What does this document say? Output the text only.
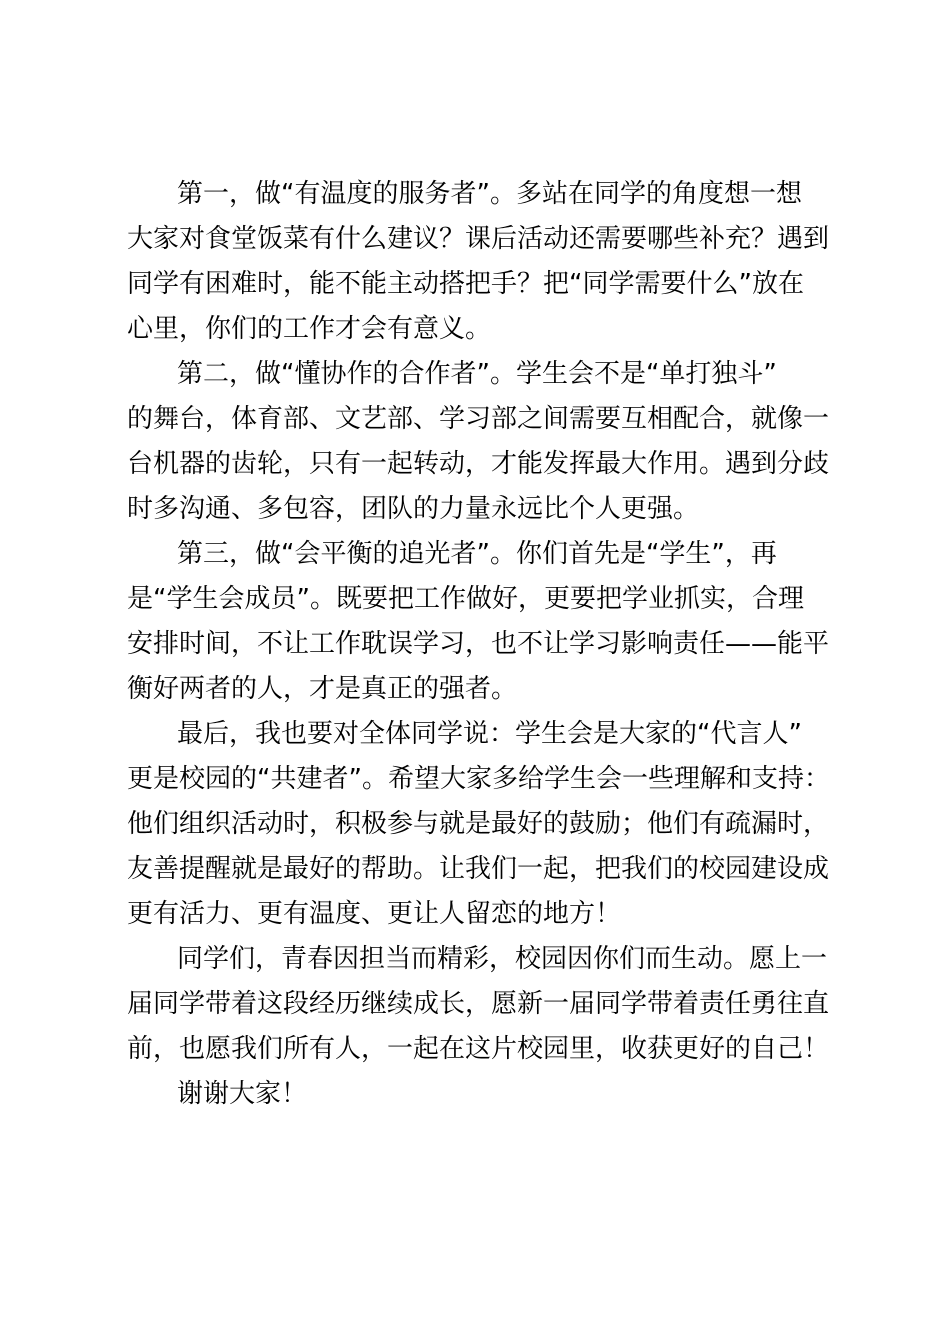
第一，做“有温度的服务者”。多站在同学的角度想一想
大家对食堂饭菜有什么建议？课后活动还需要哪些补充？遇到
同学有困难时，能不能主动搭把手？把“同学需要什么”放在
心里，你们的工作才会有意义。
第二，做“懂协作的合作者”。学生会不是“单打独斗”
的舞台，体育部、文艺部、学习部之间需要互相配合，就像一
台机器的齿轮，只有一起转动，才能发挥最大作用。遇到分歧
时多沟通、多包容，团队的力量永远比个人更强。
第三，做“会平衡的追光者”。你们首先是“学生”，再
是“学生会成员”。既要把工作做好，更要把学业抓实，合理
安排时间，不让工作耽误学习，也不让学习影响责任——能平
衡好两者的人，才是真正的强者。
最后，我也要对全体同学说：学生会是大家的“代言人”
更是校园的“共建者”。希望大家多给学生会一些理解和支持：
他们组织活动时，积极参与就是最好的鼓励；他们有疏漏时，
友善提醒就是最好的帮助。让我们一起，把我们的校园建设成
更有活力、更有温度、更让人留恋的地方！
同学们，青春因担当而精彩，校园因你们而生动。愿上一
届同学带着这段经历继续成长，愿新一届同学带着责任勇往直
前，也愿我们所有人，一起在这片校园里，收获更好的自己！
谢谢大家！
